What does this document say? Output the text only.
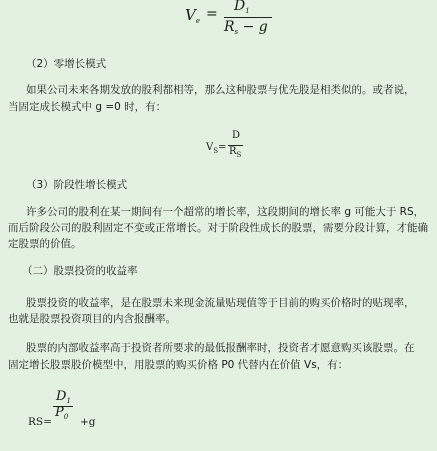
$V_e = D_1$
$R_s - g$
（2）零增长模式
如果公司未来各期发放的股利都相等，那么这种股票与优先股是相类似的。或者说，
当固定成长模式中 g =0 时，有：
$V_S=$
D
$R_S$
（3）阶段性增长模式
许多公司的股利在某一期间有一个超常的增长率，这段期间的增长率 g 可能大于 RS，
而后阶段公司的股利固定不变或正常增长。对于阶段性成长的股票，需要分段计算，才能确
定股票的价值。
（二）股票投资的收益率
股票投资的收益率，是在股票未来现金流量贴现值等于目前的购买价格时的贴现率，
也就是股票投资项目的内含报酬率。
股票的内部收益率高于投资者所要求的最低报酬率时，投资者才愿意购买该股票。在
固定增长股票股价模型中，用股票的购买价格 P0 代替内在价值 Vs，有：
RS=
$D_1$
$P_0 +g$
